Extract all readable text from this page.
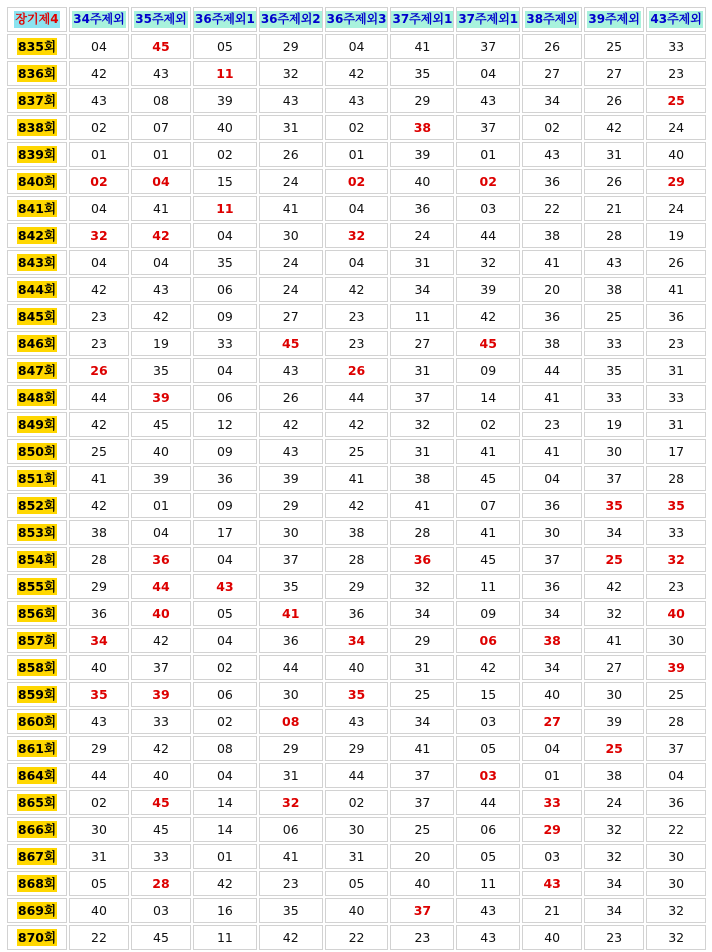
장기제4	34주제외	35주제외	36주제외1	36주제외2	36주제외3	37주제외1	37주제외1	38주제외	39주제외	43주제외
835회	04	45	05	29	04	41	37	26	25	33
836회	42	43	11	32	42	35	04	27	27	23
837회	43	08	39	43	43	29	43	34	26	25
838회	02	07	40	31	02	38	37	02	42	24
839회	01	01	02	26	01	39	01	43	31	40
840회	02	04	15	24	02	40	02	36	26	29
841회	04	41	11	41	04	36	03	22	21	24
842회	32	42	04	30	32	24	44	38	28	19
843회	04	04	35	24	04	31	32	41	43	26
844회	42	43	06	24	42	34	39	20	38	41
845회	23	42	09	27	23	11	42	36	25	36
846회	23	19	33	45	23	27	45	38	33	23
847회	26	35	04	43	26	31	09	44	35	31
848회	44	39	06	26	44	37	14	41	33	33
849회	42	45	12	42	42	32	02	23	19	31
850회	25	40	09	43	25	31	41	41	30	17
851회	41	39	36	39	41	38	45	04	37	28
852회	42	01	09	29	42	41	07	36	35	35
853회	38	04	17	30	38	28	41	30	34	33
854회	28	36	04	37	28	36	45	37	25	32
855회	29	44	43	35	29	32	11	36	42	23
856회	36	40	05	41	36	34	09	34	32	40
857회	34	42	04	36	34	29	06	38	41	30
858회	40	37	02	44	40	31	42	34	27	39
859회	35	39	06	30	35	25	15	40	30	25
860회	43	33	02	08	43	34	03	27	39	28
861회	29	42	08	29	29	41	05	04	25	37
864회	44	40	04	31	44	37	03	01	38	04
865회	02	45	14	32	02	37	44	33	24	36
866회	30	45	14	06	30	25	06	29	32	22
867회	31	33	01	41	31	20	05	03	32	30
868회	05	28	42	23	05	40	11	43	34	30
869회	40	03	16	35	40	37	43	21	34	32
870회	22	45	11	42	22	23	43	40	23	32
